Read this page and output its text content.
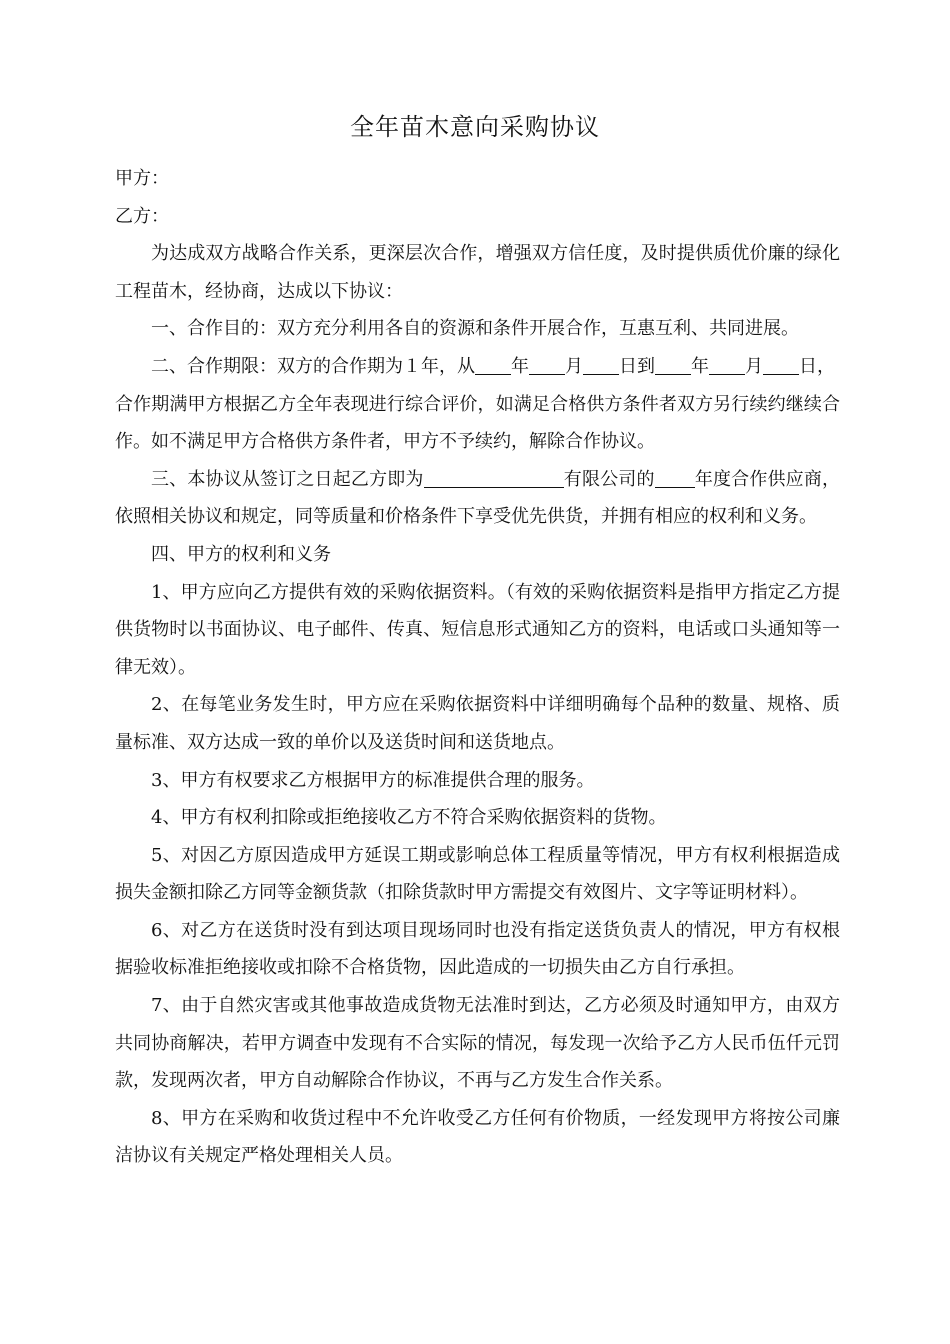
全年苗木意向采购协议

甲方：

乙方：

为达成双方战略合作关系，更深层次合作，增强双方信任度，及时提供质优价廉的绿化工程苗木，经协商，达成以下协议：

一、合作目的：双方充分利用各自的资源和条件开展合作，互惠互利、共同进展。

二、合作期限：双方的合作期为１年，从 年 月 日到 年 月 日，

合作期满甲方根据乙方全年表现进行综合评价，如满足合格供方条件者双方另行续约继续合作。如不满足甲方合格供方条件者，甲方不予续约，解除合作协议。

三、本协议从签订之日起乙方即为	有限公司的 年度合作供应商，依照相关协议和规定，同等质量和价格条件下享受优先供货，并拥有相应的权利和义务。

四、甲方的权利和义务

1、甲方应向乙方提供有效的采购依据资料。（有效的采购依据资料是指甲方指定乙方提供货物时以书面协议、电子邮件、传真、短信息形式通知乙方的资料，电话或口头通知等一律无效）。

2、在每笔业务发生时，甲方应在采购依据资料中详细明确每个品种的数量、规格、质量标准、双方达成一致的单价以及送货时间和送货地点。

3、甲方有权要求乙方根据甲方的标准提供合理的服务。

4、甲方有权利扣除或拒绝接收乙方不符合采购依据资料的货物。

5、对因乙方原因造成甲方延误工期或影响总体工程质量等情况，甲方有权利根据造成损失金额扣除乙方同等金额货款（扣除货款时甲方需提交有效图片、文字等证明材料）。

6、对乙方在送货时没有到达项目现场同时也没有指定送货负责人的情况，甲方有权根据验收标准拒绝接收或扣除不合格货物，因此造成的一切损失由乙方自行承担。

7、由于自然灾害或其他事故造成货物无法准时到达，乙方必须及时通知甲方，由双方共同协商解决，若甲方调查中发现有不合实际的情况，每发现一次给予乙方人民币伍仟元罚款，发现两次者，甲方自动解除合作协议，不再与乙方发生合作关系。

8、甲方在采购和收货过程中不允许收受乙方任何有价物质，一经发现甲方将按公司廉洁协议有关规定严格处理相关人员。
